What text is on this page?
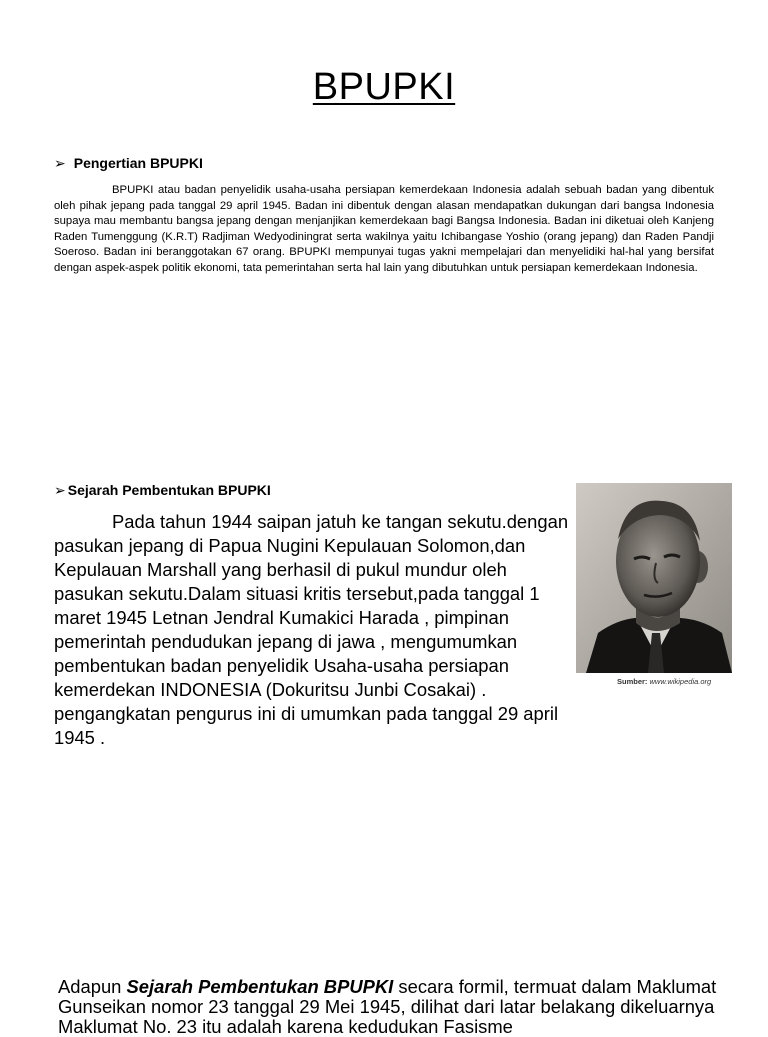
BPUPKI
➢ Pengertian BPUPKI
BPUPKI atau badan penyelidik usaha-usaha persiapan kemerdekaan Indonesia adalah sebuah badan yang dibentuk oleh pihak jepang pada tanggal 29 april 1945. Badan ini dibentuk dengan alasan mendapatkan dukungan dari bangsa Indonesia supaya mau membantu bangsa jepang dengan menjanjikan kemerdekaan bagi Bangsa Indonesia. Badan ini diketuai oleh Kanjeng Raden Tumenggung (K.R.T) Radjiman Wedyodiningrat serta wakilnya yaitu Ichibangase Yoshio (orang jepang) dan Raden Pandji Soeroso. Badan ini beranggotakan 67 orang. BPUPKI mempunyai tugas yakni mempelajari dan menyelidiki hal-hal yang bersifat dengan aspek-aspek politik ekonomi, tata pemerintahan serta hal lain yang dibutuhkan untuk persiapan kemerdekaan Indonesia.
➢ Sejarah Pembentukan BPUPKI
Pada tahun 1944 saipan jatuh ke tangan sekutu.dengan pasukan jepang di Papua Nugini Kepulauan Solomon,dan Kepulauan Marshall yang berhasil di pukul mundur oleh pasukan sekutu.Dalam situasi kritis tersebut,pada tanggal 1 maret 1945 Letnan Jendral Kumakici Harada , pimpinan pemerintah pendudukan jepang di jawa , mengumumkan pembentukan badan penyelidik Usaha-usaha persiapan kemerdekan INDONESIA (Dokuritsu Junbi Cosakai) . pengangkatan pengurus ini di umumkan pada tanggal 29 april 1945 .
Sumber: www.wikipedia.org
Adapun Sejarah Pembentukan BPUPKI secara formil, termuat dalam Maklumat Gunseikan nomor 23 tanggal 29 Mei 1945, dilihat dari latar belakang dikeluarnya Maklumat No. 23 itu adalah karena kedudukan Fasisme
